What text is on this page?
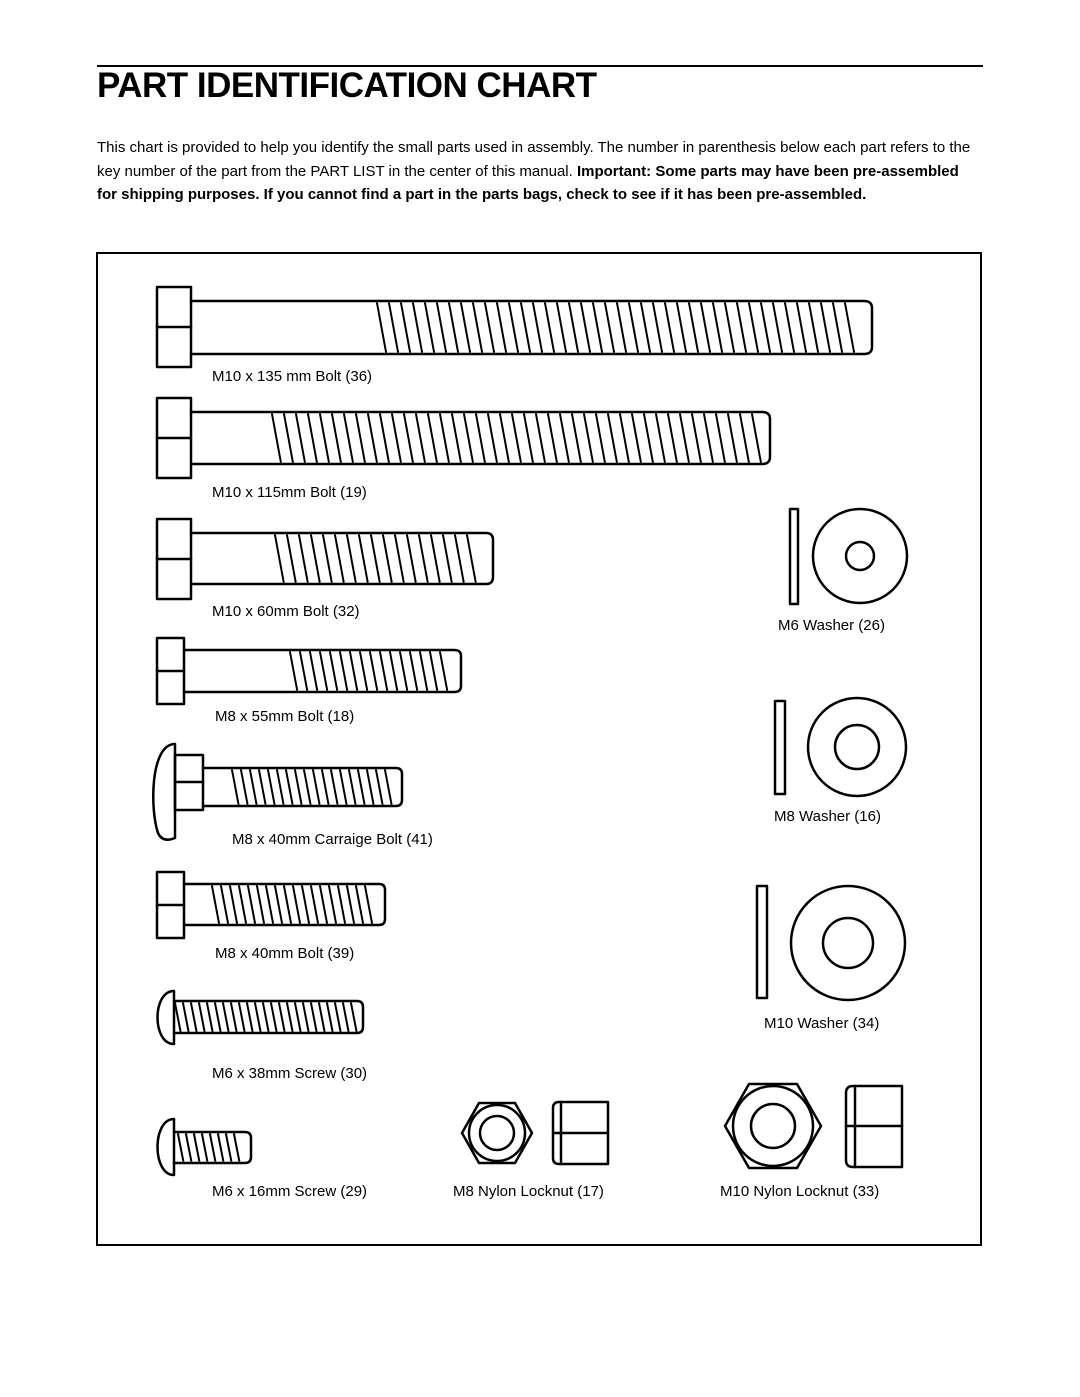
PART IDENTIFICATION CHART

This chart is provided to help you identify the small parts used in assembly. The number in parenthesis below each part refers to the key number of the part from the PART LIST in the center of this manual. Important: Some parts may have been pre-assembled for shipping purposes. If you cannot find a part in the parts bags, check to see if it has been pre-assembled.

M10 x 135 mm Bolt (36)
M10 x 115mm Bolt (19)
M10 x 60mm Bolt (32)
M8 x 55mm Bolt (18)
M8 x 40mm Carraige Bolt (41)
M8 x 40mm Bolt (39)
M6 x 38mm Screw (30)
M6 x 16mm Screw (29)	M8 Nylon Locknut (17)	M10 Nylon Locknut (33)
M6 Washer (26)
M8 Washer (16)
M10 Washer (34)
